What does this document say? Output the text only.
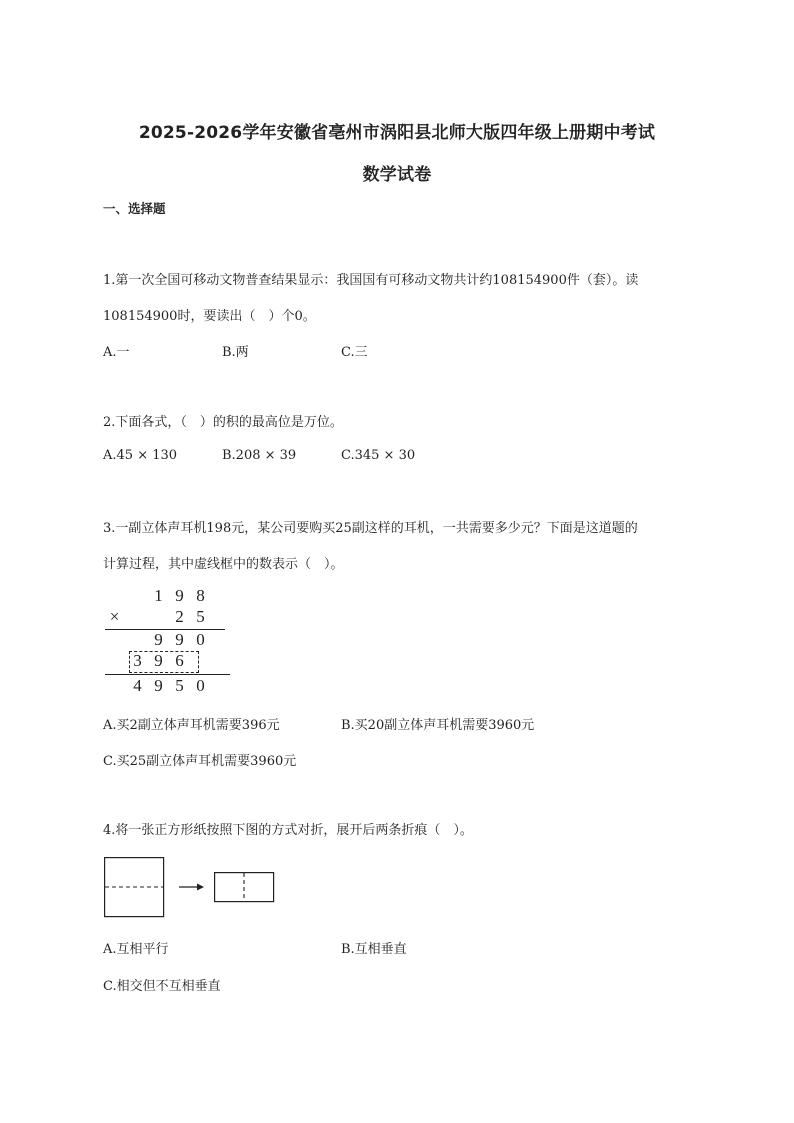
2025-2026学年安徽省亳州市涡阳县北师大版四年级上册期中考试
数学试卷
一、选择题
1.第一次全国可移动文物普查结果显示：我国国有可移动文物共计约108154900件（套）。读
108154900时，要读出（　）个0。
A.一	B.两	C.三
2.下面各式，（　）的积的最高位是万位。
A.45 × 130	B.208 × 39	C.345 × 30
3.一副立体声耳机198元，某公司要购买25副这样的耳机，一共需要多少元？下面是这道题的
计算过程，其中虚线框中的数表示（　）。
1 9 8
×	2 5
9 9 0
3 9 6
4 9 5 0
A.买2副立体声耳机需要396元	B.买20副立体声耳机需要3960元
C.买25副立体声耳机需要3960元
4.将一张正方形纸按照下图的方式对折，展开后两条折痕（　）。
A.互相平行	B.互相垂直
C.相交但不互相垂直
